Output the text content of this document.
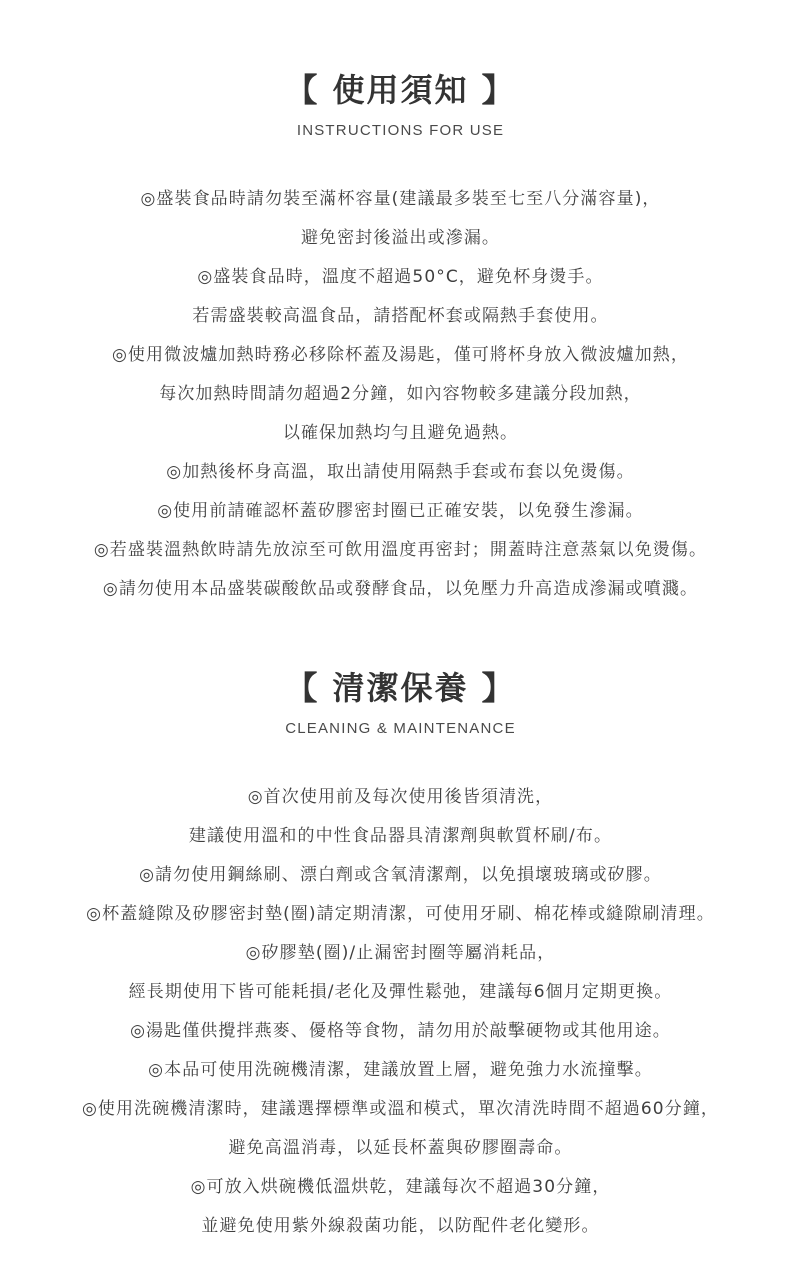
【 使用須知 】
INSTRUCTIONS FOR USE
◎盛裝食品時請勿裝至滿杯容量(建議最多裝至七至八分滿容量)，
避免密封後溢出或滲漏。
◎盛裝食品時，溫度不超過50°C，避免杯身燙手。
若需盛裝較高溫食品，請搭配杯套或隔熱手套使用。
◎使用微波爐加熱時務必移除杯蓋及湯匙，僅可將杯身放入微波爐加熱，
每次加熱時間請勿超過2分鐘，如內容物較多建議分段加熱，
以確保加熱均勻且避免過熱。
◎加熱後杯身高溫，取出請使用隔熱手套或布套以免燙傷。
◎使用前請確認杯蓋矽膠密封圈已正確安裝，以免發生滲漏。
◎若盛裝溫熱飲時請先放涼至可飲用溫度再密封；開蓋時注意蒸氣以免燙傷。
◎請勿使用本品盛裝碳酸飲品或發酵食品，以免壓力升高造成滲漏或噴濺。
【 清潔保養 】
CLEANING & MAINTENANCE
◎首次使用前及每次使用後皆須清洗，
建議使用溫和的中性食品器具清潔劑與軟質杯刷/布。
◎請勿使用鋼絲刷、漂白劑或含氧清潔劑，以免損壞玻璃或矽膠。
◎杯蓋縫隙及矽膠密封墊(圈)請定期清潔，可使用牙刷、棉花棒或縫隙刷清理。
◎矽膠墊(圈)/止漏密封圈等屬消耗品，
經長期使用下皆可能耗損/老化及彈性鬆弛，建議每6個月定期更換。
◎湯匙僅供攪拌燕麥、優格等食物，請勿用於敲擊硬物或其他用途。
◎本品可使用洗碗機清潔，建議放置上層，避免強力水流撞擊。
◎使用洗碗機清潔時，建議選擇標準或溫和模式，單次清洗時間不超過60分鐘，
避免高溫消毒，以延長杯蓋與矽膠圈壽命。
◎可放入烘碗機低溫烘乾，建議每次不超過30分鐘，
並避免使用紫外線殺菌功能，以防配件老化變形。
